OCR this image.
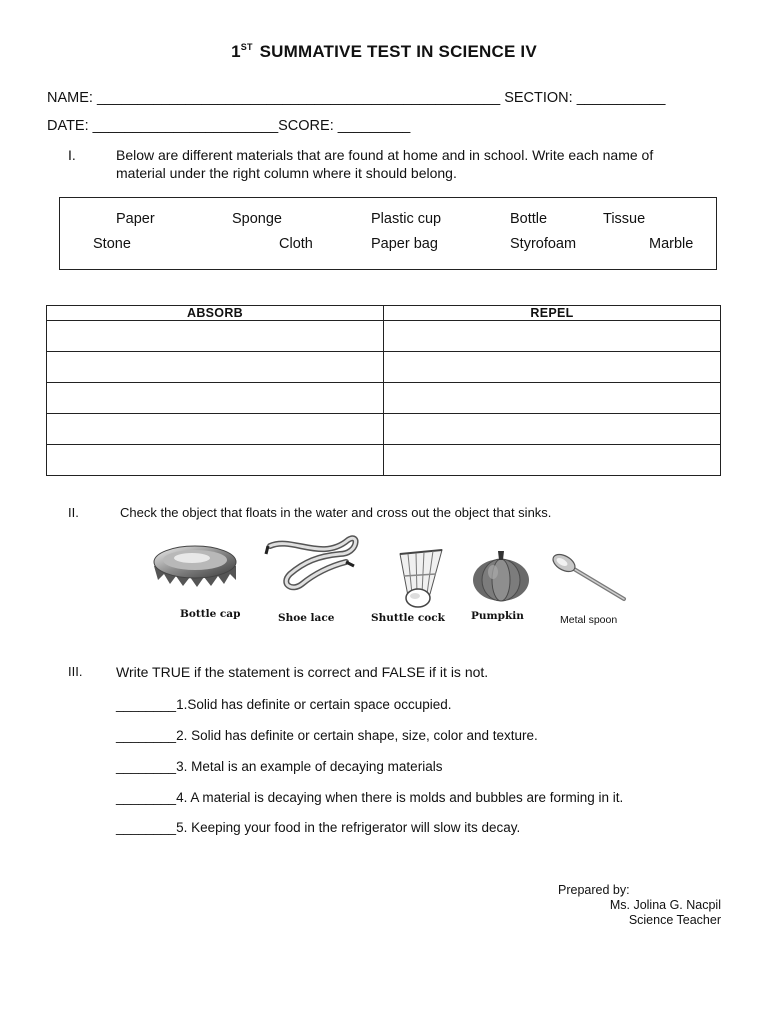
1ST SUMMATIVE TEST IN SCIENCE IV
NAME: __________________________________________________ SECTION: ___________
DATE: _______________________SCORE: _________
I.	Below are different materials that are found at home and in school. Write each name of
material under the right column where it should belong.
Paper	Sponge	Plastic cup	Bottle	Tissue
Stone	Cloth	Paper bag	Styrofoam	Marble
ABSORB	REPEL

II.	Check the object that floats in the water and cross out the object that sinks.
Bottle cap	Shoe lace	Shuttle cock Pumpkin	Metal spoon
III. Write TRUE if the statement is correct and FALSE if it is not.
________1.Solid has definite or certain space occupied.
________2. Solid has definite or certain shape, size, color and texture.
________3. Metal is an example of decaying materials
________4. A material is decaying when there is molds and bubbles are forming in it.
________5. Keeping your food in the refrigerator will slow its decay.
Prepared by:
Ms. Jolina G. Nacpil
Science Teacher
